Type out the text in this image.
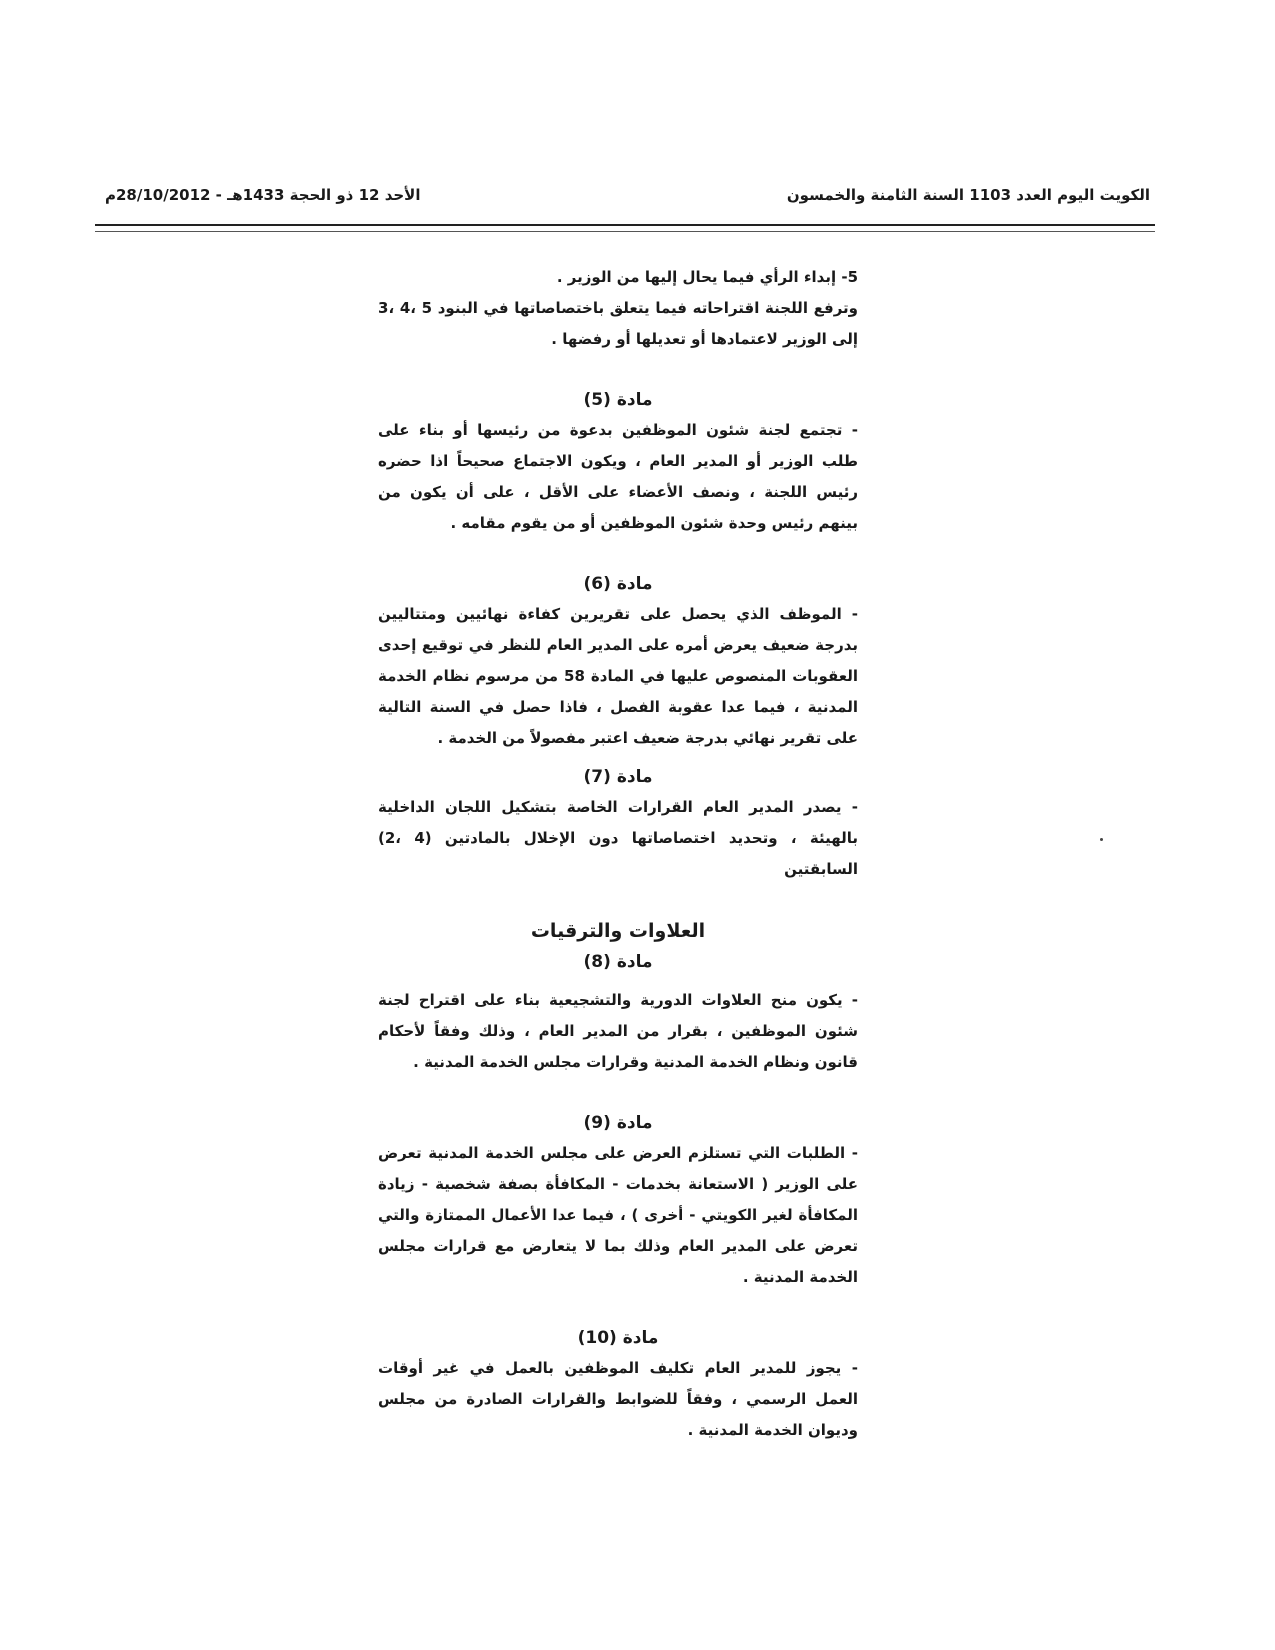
الكويت اليوم العدد 1103 السنة الثامنة والخمسون
الأحد 12 ذو الحجة 1433هـ - 28/10/2012م

5- إبداء الرأي فيما يحال إليها من الوزير .

وترفع اللجنة اقتراحاته فيما يتعلق باختصاصاتها في البنود 5 ،4 ،3 إلى الوزير لاعتمادها أو تعديلها أو رفضها .

مادة (5)

- تجتمع لجنة شئون الموظفين بدعوة من رئيسها أو بناء على طلب الوزير أو المدير العام ، ويكون الاجتماع صحيحاً اذا حضره رئيس اللجنة ، ونصف الأعضاء على الأقل ، على أن يكون من بينهم رئيس وحدة شئون الموظفين أو من يقوم مقامه .

مادة (6)

- الموظف الذي يحصل على تقريرين كفاءة نهائيين ومتتاليين بدرجة ضعيف يعرض أمره على المدير العام للنظر في توقيع إحدى العقوبات المنصوص عليها في المادة 58 من مرسوم نظام الخدمة المدنية ، فيما عدا عقوبة الفصل ، فاذا حصل في السنة التالية على تقرير نهائي بدرجة ضعيف اعتبر مفصولاً من الخدمة .

مادة (7)

- يصدر المدير العام القرارات الخاصة بتشكيل اللجان الداخلية بالهيئة ، وتحديد اختصاصاتها دون الإخلال بالمادتين (4 ،2) السابقتين

العلاوات والترقيات

مادة (8)

- يكون منح العلاوات الدورية والتشجيعية بناء على اقتراح لجنة شئون الموظفين ، بقرار من المدير العام ، وذلك وفقاً لأحكام قانون ونظام الخدمة المدنية وقرارات مجلس الخدمة المدنية .

مادة (9)

- الطلبات التي تستلزم العرض على مجلس الخدمة المدنية تعرض على الوزير ( الاستعانة بخدمات - المكافأة بصفة شخصية - زيادة المكافأة لغير الكويتي - أخرى ) ، فيما عدا الأعمال الممتازة والتي تعرض على المدير العام وذلك بما لا يتعارض مع قرارات مجلس الخدمة المدنية .

مادة (10)

- يجوز للمدير العام تكليف الموظفين بالعمل في غير أوقات العمل الرسمي ، وفقاً للضوابط والقرارات الصادرة من مجلس وديوان الخدمة المدنية .
